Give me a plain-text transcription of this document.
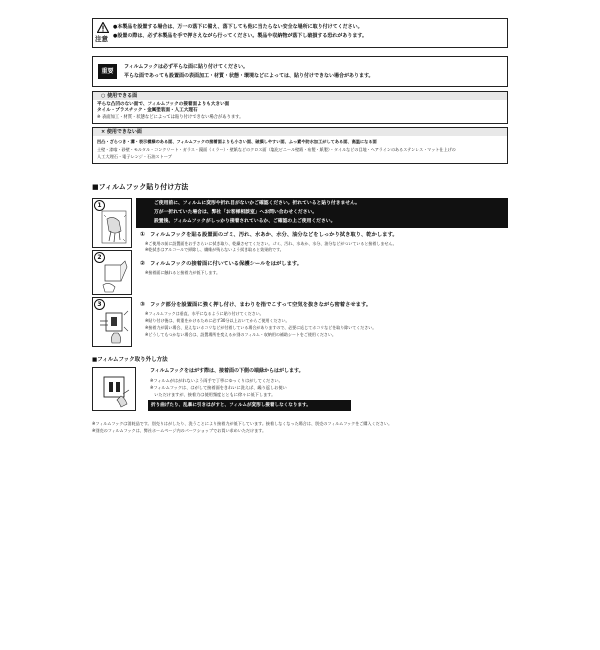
注意
●本製品を設置する場合は、万一の落下に備え、落下しても他に当たらない安全な場所に取り付けてください。
●設置の際は、必ず本製品を手で押さえながら行ってください。製品や収納物が落下し破損する恐れがあります。
重要
フィルムフックは必ず平らな面に貼り付けてください。
平らな面であっても設置面の表面加工・材質・状態・環境などによっては、貼り付けできない場合があります。
○ 使用できる面
平らな凸凹のない面で、フィルムフックの接着面よりも大きい面
タイル・プラスチック・金属塗装面・人工大理石
※ 表面加工・材質・状態などによっては貼り付けできない場合があります。
× 使用できない面
凹凸・ざらつき・溝・表示模様のある面、フィルムフックの接着面よりも小さい面、破損しやすい面、ふっ素や防水加工がしてある面、高温になる面
土壁・漆喰・砂壁・モルタル・コンクリート・ガラス・鏡面（ミラー）・壁紙などのクロス面（塩化ビニール壁紙・布製・紙製）・タイルなどの目地・ヘアラインのあるステンレス・マット仕上げの
人工大理石・電子レンジ・石油ストーブ
■フィルムフック貼り付け方法
1
2
3
ご使用前に、フィルムに変形や折れ目がないかご確認ください。折れていると貼り付きません。
万が一折れていた場合は、弊社「お客様相談室」へお問い合わせください。
設置後、フィルムフックがしっかり接着されているか、ご確認の上ご使用ください。
① フィルムフックを貼る設置面のゴミ、汚れ、水あか、水分、油分などをしっかり拭き取り、乾かします。
※ご使用の前に設置面をお手さらいに拭き取り、乾燥させてください。ゴミ、汚れ、水あか、水分、油分などがついていると接着しません。
※乾拭きはアルコールで掃除し、繊維が残らないよう拭き取ると効果的です。
② フィルムフックの接着面に付いている保護シールをはがします。
※接着面に触れると接着力が低下します。
③ フック部分を設置面に強く押し付け、まわりを指でこすって空気を抜きながら密着させます。
※フィルムフックは垂直、水平になるように貼り付けてください。
※貼り付け後は、荷重をかけるために必ず30分以上おいてからご使用ください。
※接着力が弱い場合、見えないホコリなどが付着している場合がありますので、必要に応じてホコリなどを取り除いてください。
※どうしてもつかない場合は、設置場所を変えるか別のフィルム・収納用の補助シートをご使用ください。
■フィルムフック取り外し方法
フィルムフックをはがす際は、接着面の下側の端緑からはがします。
※フィルムがはがれないよう両手で丁寧にゆっくりはがしてください。
※フィルムフックは、はがして接着面をきれいに洗えば、繰り返しお使い
　いただけますが、接着力は使用頻度とともに徐々に低下します。
折り曲げたり、乱暴に引きはがすと、フィルムが変形し接着しなくなります。
※フィルムフックは消耗品です。別売りはがしたり、洗うことにより接着力が低下しています。接着しなくなった場合は、別売のフィルムフックをご購入ください。
※別売のフィルムフックは、弊社ホームページ内のパーツショップでお買い求めいただけます。
